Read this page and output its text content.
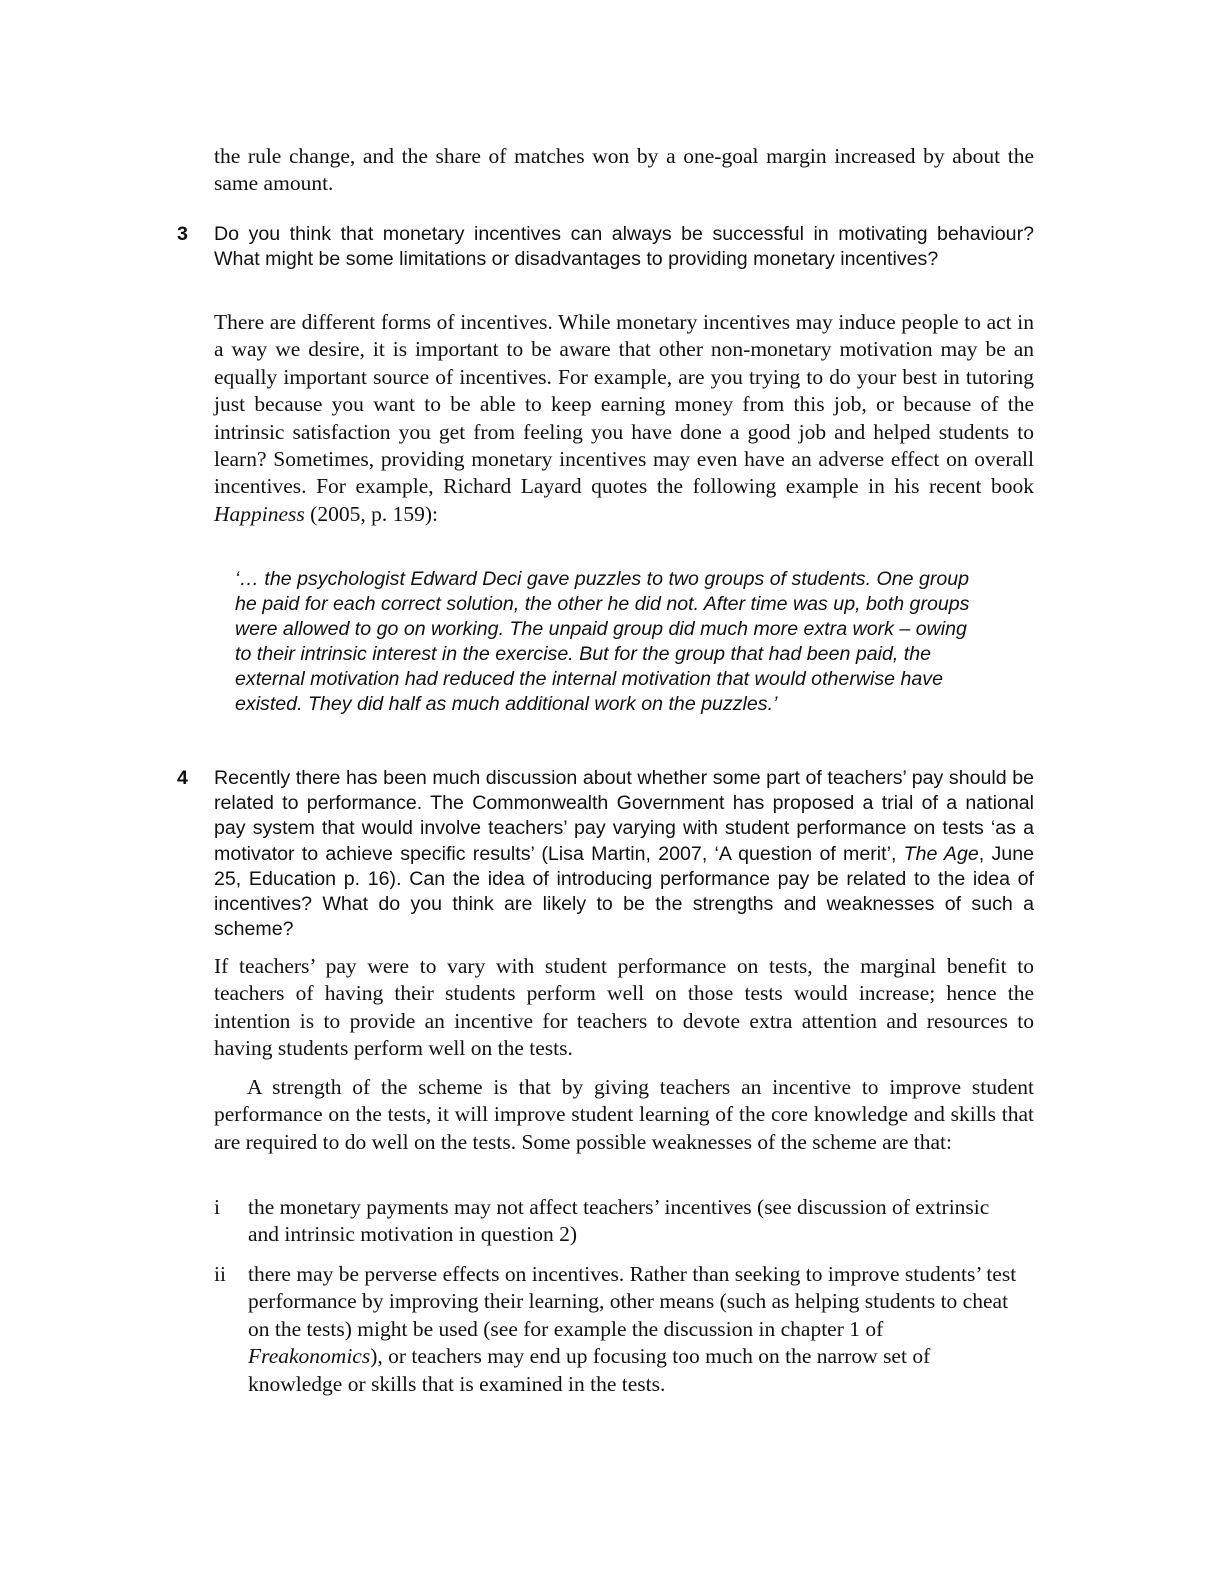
the rule change, and the share of matches won by a one-goal margin increased by about the same amount.

3 Do you think that monetary incentives can always be successful in motivating behaviour? What might be some limitations or disadvantages to providing monetary incentives?

There are different forms of incentives. While monetary incentives may induce people to act in a way we desire, it is important to be aware that other non-monetary motivation may be an equally important source of incentives. For example, are you trying to do your best in tutoring just because you want to be able to keep earning money from this job, or because of the intrinsic satisfaction you get from feeling you have done a good job and helped students to learn? Sometimes, providing monetary incentives may even have an adverse effect on overall incentives. For example, Richard Layard quotes the following example in his recent book Happiness (2005, p. 159):

‘… the psychologist Edward Deci gave puzzles to two groups of students. One group he paid for each correct solution, the other he did not. After time was up, both groups were allowed to go on working. The unpaid group did much more extra work – owing to their intrinsic interest in the exercise. But for the group that had been paid, the external motivation had reduced the internal motivation that would otherwise have existed. They did half as much additional work on the puzzles.’

4 Recently there has been much discussion about whether some part of teachers’ pay should be related to performance. The Commonwealth Government has proposed a trial of a national pay system that would involve teachers’ pay varying with student performance on tests ‘as a motivator to achieve specific results’ (Lisa Martin, 2007, ‘A question of merit’, The Age, June 25, Education p. 16). Can the idea of introducing performance pay be related to the idea of incentives? What do you think are likely to be the strengths and weaknesses of such a scheme?

If teachers’ pay were to vary with student performance on tests, the marginal benefit to teachers of having their students perform well on those tests would increase; hence the intention is to provide an incentive for teachers to devote extra attention and resources to having students perform well on the tests.

A strength of the scheme is that by giving teachers an incentive to improve student performance on the tests, it will improve student learning of the core knowledge and skills that are required to do well on the tests. Some possible weaknesses of the scheme are that:

i the monetary payments may not affect teachers’ incentives (see discussion of extrinsic and intrinsic motivation in question 2)

ii there may be perverse effects on incentives. Rather than seeking to improve students’ test performance by improving their learning, other means (such as helping students to cheat on the tests) might be used (see for example the discussion in chapter 1 of Freakonomics), or teachers may end up focusing too much on the narrow set of knowledge or skills that is examined in the tests.
